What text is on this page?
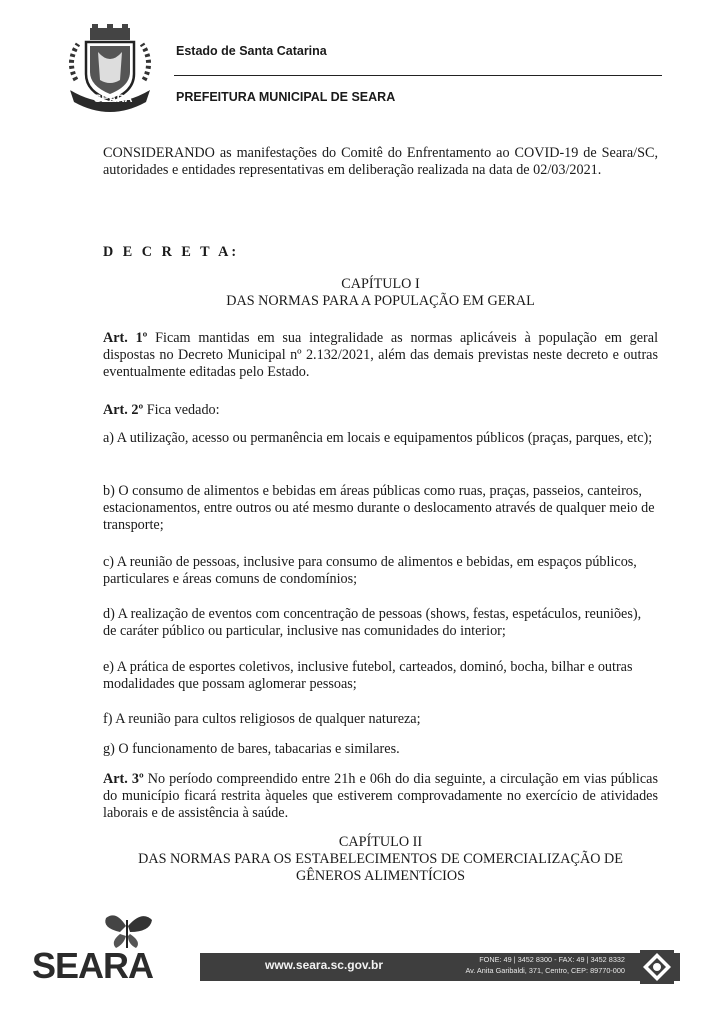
SEARA
1927	1954
Estado de Santa Catarina
PREFEITURA MUNICIPAL DE SEARA
CONSIDERANDO as manifestações do Comitê do Enfrentamento ao COVID-19 de Seara/SC, autoridades e entidades representativas em deliberação realizada na data de 02/03/2021.
D E C R E T A:
CAPÍTULO I
DAS NORMAS PARA A POPULAÇÃO EM GERAL
Art. 1º Ficam mantidas em sua integralidade as normas aplicáveis à população em geral dispostas no Decreto Municipal nº 2.132/2021, além das demais previstas neste decreto e outras eventualmente editadas pelo Estado.
Art. 2º Fica vedado:
a) A utilização, acesso ou permanência em locais e equipamentos públicos (praças, parques, etc);
b) O consumo de alimentos e bebidas em áreas públicas como ruas, praças, passeios, canteiros, estacionamentos, entre outros ou até mesmo durante o deslocamento através de qualquer meio de transporte;
c) A reunião de pessoas, inclusive para consumo de alimentos e bebidas, em espaços públicos, particulares e áreas comuns de condomínios;
d) A realização de eventos com concentração de pessoas (shows, festas, espetáculos, reuniões), de caráter público ou particular, inclusive nas comunidades do interior;
e) A prática de esportes coletivos, inclusive futebol, carteados, dominó, bocha, bilhar e outras modalidades que possam aglomerar pessoas;
f) A reunião para cultos religiosos de qualquer natureza;
g) O funcionamento de bares, tabacarias e similares.
Art. 3º No período compreendido entre 21h e 06h do dia seguinte, a circulação em vias públicas do município ficará restrita àqueles que estiverem comprovadamente no exercício de atividades laborais e de assistência à saúde.
CAPÍTULO II
DAS NORMAS PARA OS ESTABELECIMENTOS DE COMERCIALIZAÇÃO DE
GÊNEROS ALIMENTÍCIOS
SEARA	www.seara.sc.gov.br	FONE: 49 | 3452 8300 - FAX: 49 | 3452 8332
Av. Anita Garibaldi, 371, Centro, CEP: 89770-000
